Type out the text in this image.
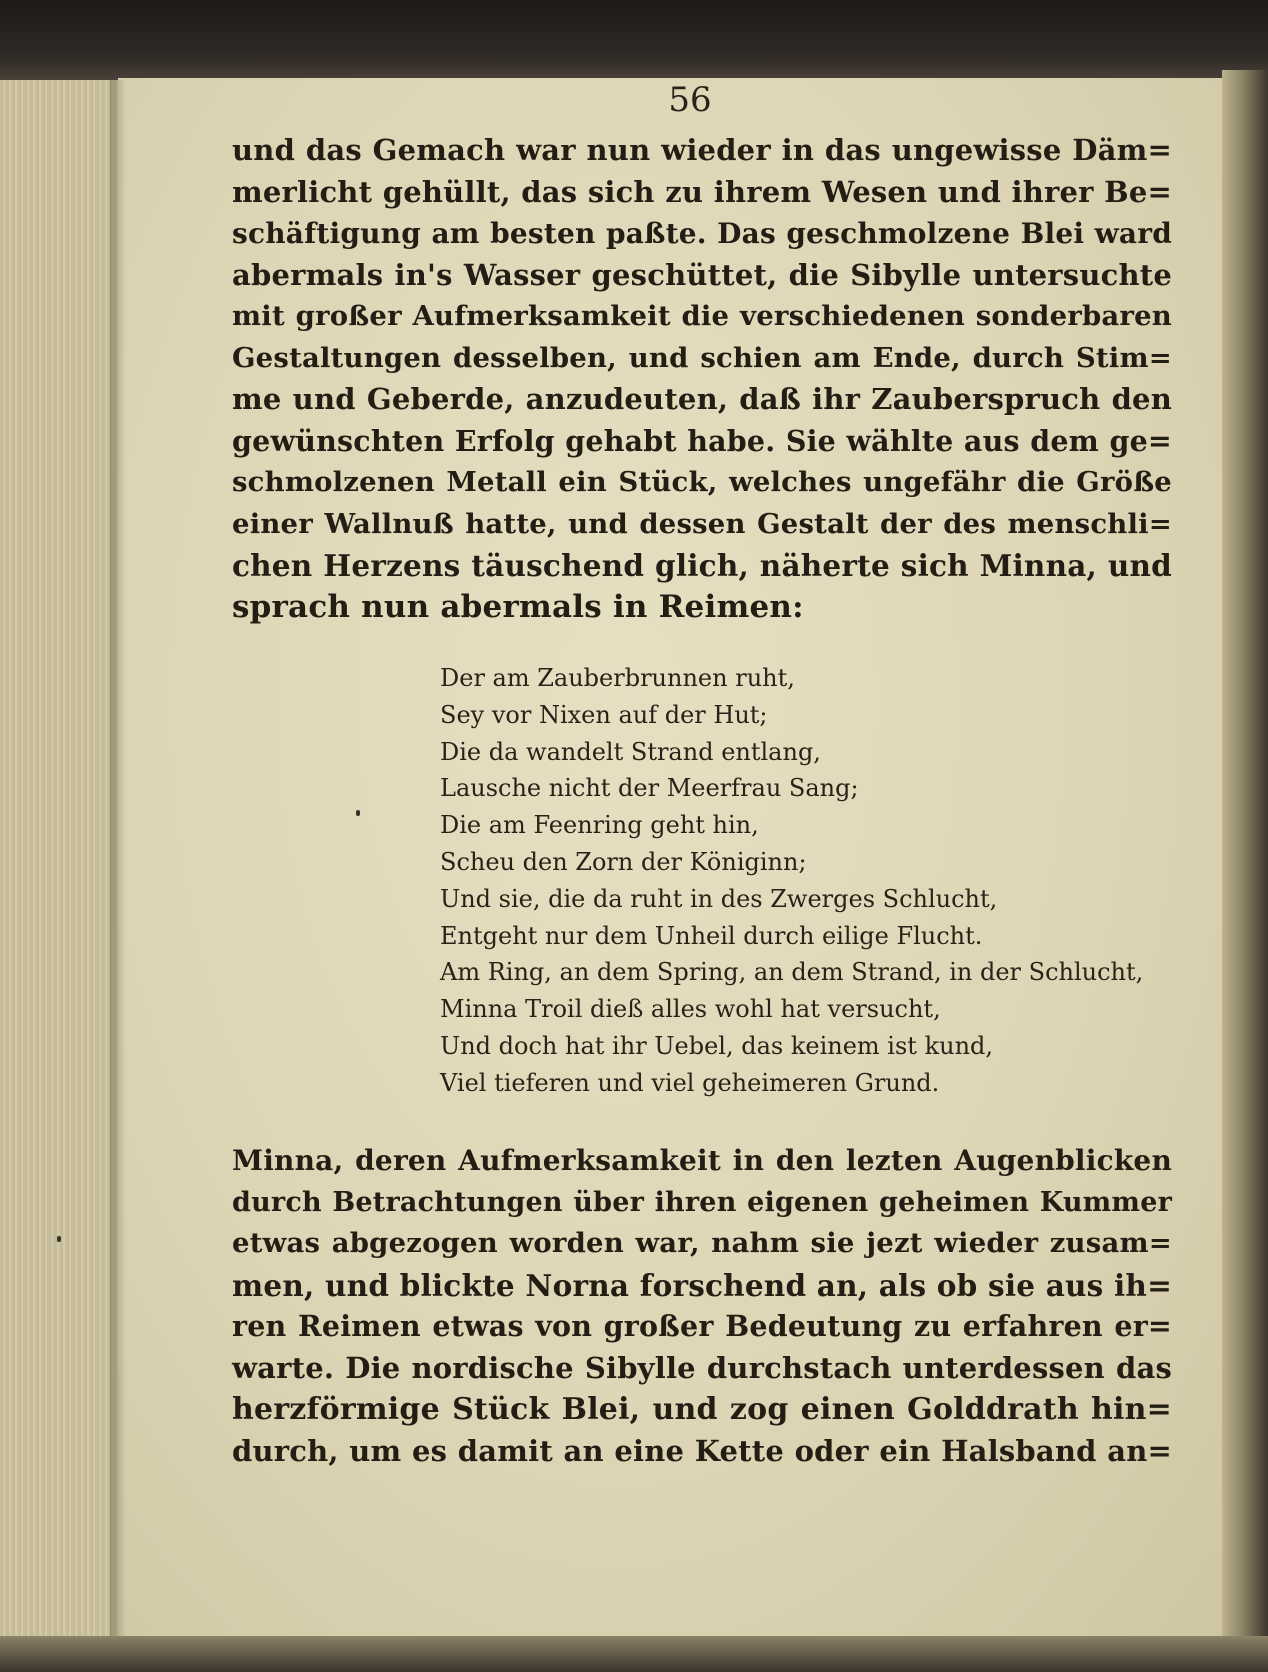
56
und das Gemach war nun wieder in das ungewisse Däm=
merlicht gehüllt, das sich zu ihrem Wesen und ihrer Be=
schäftigung am besten paßte. Das geschmolzene Blei ward
abermals in's Wasser geschüttet, die Sibylle untersuchte
mit großer Aufmerksamkeit die verschiedenen sonderbaren
Gestaltungen desselben, und schien am Ende, durch Stim=
me und Geberde, anzudeuten, daß ihr Zauberspruch den
gewünschten Erfolg gehabt habe. Sie wählte aus dem ge=
schmolzenen Metall ein Stück, welches ungefähr die Größe
einer Wallnuß hatte, und dessen Gestalt der des menschli=
chen Herzens täuschend glich, näherte sich Minna, und
sprach nun abermals in Reimen:
Der am Zauberbrunnen ruht,
Sey vor Nixen auf der Hut;
Die da wandelt Strand entlang,
Lausche nicht der Meerfrau Sang;
Die am Feenring geht hin,
Scheu den Zorn der Königinn;
Und sie, die da ruht in des Zwerges Schlucht,
Entgeht nur dem Unheil durch eilige Flucht.
Am Ring, an dem Spring, an dem Strand, in der Schlucht,
Minna Troil dieß alles wohl hat versucht,
Und doch hat ihr Uebel, das keinem ist kund,
Viel tieferen und viel geheimeren Grund.
Minna, deren Aufmerksamkeit in den lezten Augenblicken
durch Betrachtungen über ihren eigenen geheimen Kummer
etwas abgezogen worden war, nahm sie jezt wieder zusam=
men, und blickte Norna forschend an, als ob sie aus ih=
ren Reimen etwas von großer Bedeutung zu erfahren er=
warte. Die nordische Sibylle durchstach unterdessen das
herzförmige Stück Blei, und zog einen Golddrath hin=
durch, um es damit an eine Kette oder ein Halsband an=
